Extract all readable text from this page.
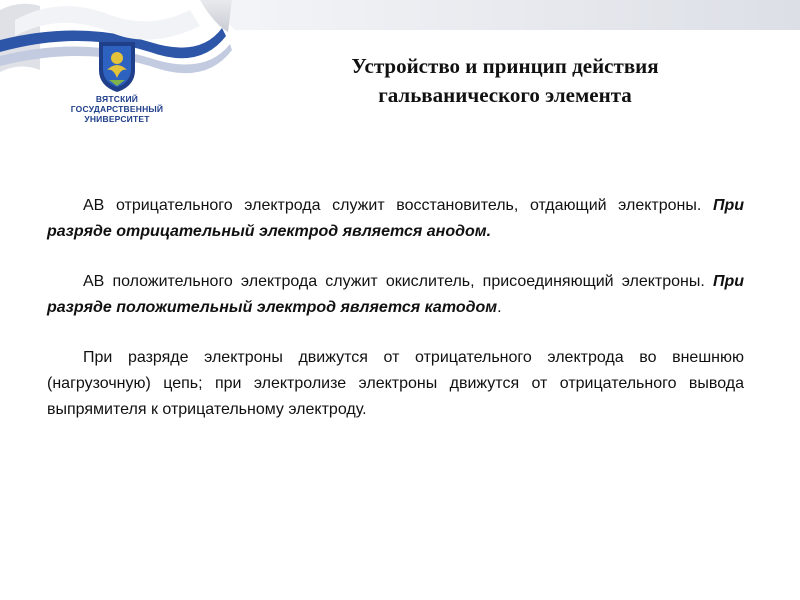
ВЯТСКИЙ
ГОСУДАРСТВЕННЫЙ
УНИВЕРСИТЕТ
Устройство и принцип действия
гальванического элемента

АВ отрицательного электрода служит восстановитель, отдающий электроны. При разряде отрицательный электрод является анодом.

АВ положительного электрода служит окислитель, присоединяющий электроны. При разряде положительный электрод является катодом.

При разряде электроны движутся от отрицательного электрода во внешнюю (нагрузочную) цепь; при электролизе электроны движутся от отрицательного вывода выпрямителя к отрицательному электроду.
